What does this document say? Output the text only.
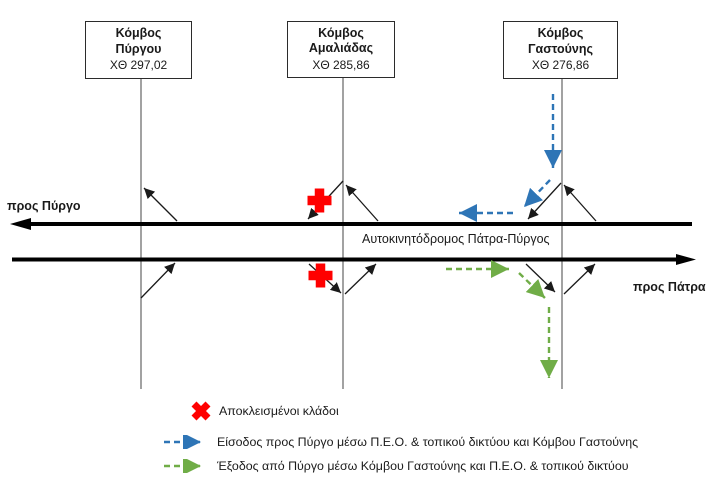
Κόμβος
Πύργου
ΧΘ 297,02
Κόμβος
Αμαλιάδας
ΧΘ 285,86
Κόμβος
Γαστούνης
ΧΘ 276,86
προς Πύργο
προς Πάτρα
Αυτοκινητόδρομος Πάτρα-Πύργος
Αποκλεισμένοι κλάδοι
Είσοδος προς Πύργο μέσω Π.Ε.Ο. & τοπικού δικτύου και Κόμβου Γαστούνης
Έξοδος από Πύργο μέσω Κόμβου Γαστούνης και Π.Ε.Ο. & τοπικού δικτύου
